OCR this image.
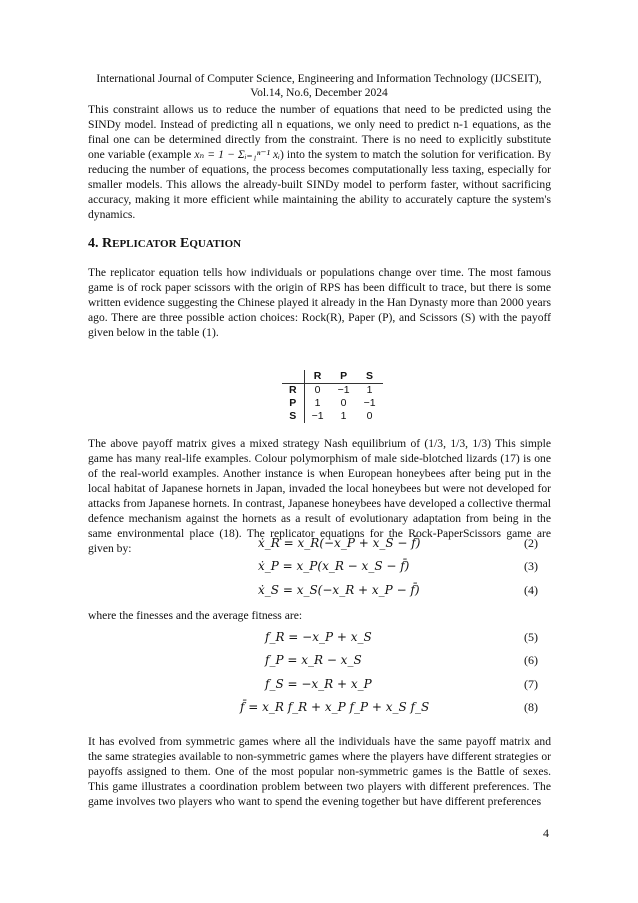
International Journal of Computer Science, Engineering and Information Technology (IJCSEIT),
Vol.14, No.6, December 2024

This constraint allows us to reduce the number of equations that need to be predicted using the SINDy model. Instead of predicting all n equations, we only need to predict n-1 equations, as the final one can be determined directly from the constraint. There is no need to explicitly substitute one variable (example xₙ = 1 − Σᵢ₌₁ⁿ⁻¹ xᵢ) into the system to match the solution for verification. By reducing the number of equations, the process becomes computationally less taxing, especially for smaller models. This allows the already-built SINDy model to perform faster, without sacrificing accuracy, making it more efficient while maintaining the ability to accurately capture the system's dynamics.

4. REPLICATOR EQUATION

The replicator equation tells how individuals or populations change over time. The most famous game is of rock paper scissors with the origin of RPS has been difficult to trace, but there is some written evidence suggesting the Chinese played it already in the Han Dynasty more than 2000 years ago. There are three possible action choices: Rock(R), Paper (P), and Scissors (S) with the payoff given below in the table (1).

	R	P	S
R	0	−1	1
P	1	0	−1
S	−1	1	0

The above payoff matrix gives a mixed strategy Nash equilibrium of (1/3, 1/3, 1/3) This simple game has many real-life examples. Colour polymorphism of male side-blotched lizards (17) is one of the real-world examples. Another instance is when European honeybees after being put in the local habitat of Japanese hornets in Japan, invaded the local honeybees but were not developed for attacks from Japanese hornets. In contrast, Japanese honeybees have developed a collective thermal defence mechanism against the hornets as a result of evolutionary adaptation from being in the same environmental place (18). The replicator equations for the Rock-PaperScissors game are given by:	ẋ_R = x_R(−x_P + x_S − f̄)	(2)
ẋ_P = x_P(x_R − x_S − f̄)	(3)
ẋ_S = x_S(−x_R + x_P − f̄)	(4)

where the finesses and the average fitness are:

f_R = −x_P + x_S	(5)
f_P = x_R − x_S	(6)
f_S = −x_R + x_P	(7)
f̄ = x_R f_R + x_P f_P + x_S f_S	(8)

It has evolved from symmetric games where all the individuals have the same payoff matrix and the same strategies available to non-symmetric games where the players have different strategies or payoffs assigned to them. One of the most popular non-symmetric games is the Battle of sexes. This game illustrates a coordination problem between two players with different preferences. The game involves two players who want to spend the evening together but have different preferences

4
